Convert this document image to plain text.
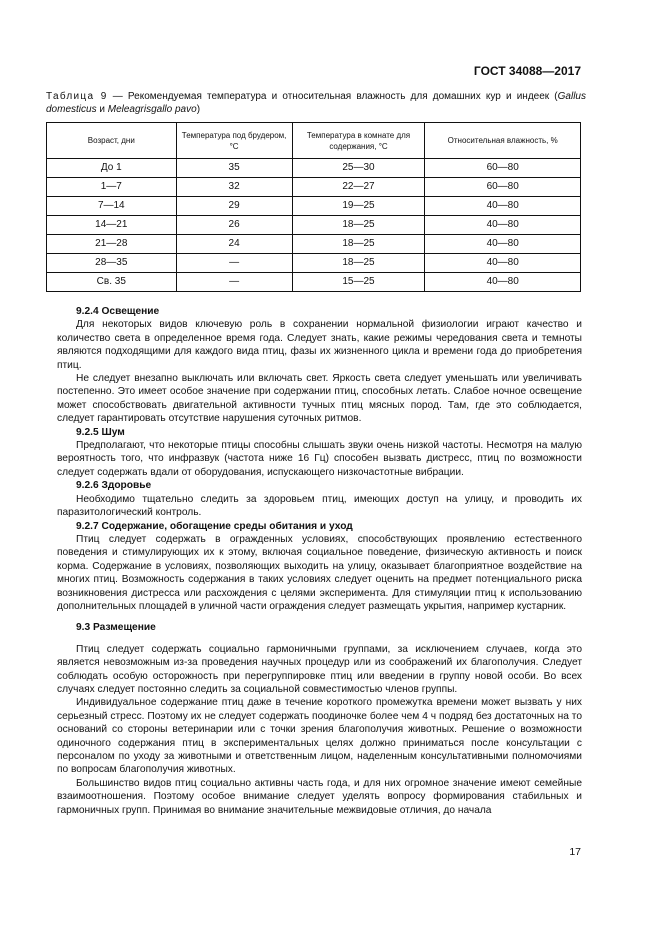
ГОСТ 34088—2017
Таблица 9 — Рекомендуемая температура и относительная влажность для домашних кур и индеек (Gallus domesticus и Meleagrisgallo pavo)
Возраст, дни	Температура под брудером, °С	Температура в комнате для содержания, °С	Относительная влажность, %
До 1	35	25—30	60—80
1—7	32	22—27	60—80
7—14	29	19—25	40—80
14—21	26	18—25	40—80
21—28	24	18—25	40—80
28—35	—	18—25	40—80
Св. 35	—	15—25	40—80
9.2.4 Освещение

Для некоторых видов ключевую роль в сохранении нормальной физиологии играют качество и количество света в определенное время года. Следует знать, какие режимы чередования света и темноты являются подходящими для каждого вида птиц, фазы их жизненного цикла и времени года до приобретения птиц.

Не следует внезапно выключать или включать свет. Яркость света следует уменьшать или увеличивать постепенно. Это имеет особое значение при содержании птиц, способных летать. Слабое ночное освещение может способствовать двигательной активности тучных птиц мясных пород. Там, где это соблюдается, следует гарантировать отсутствие нарушения суточных ритмов.

9.2.5 Шум

Предполагают, что некоторые птицы способны слышать звуки очень низкой частоты. Несмотря на малую вероятность того, что инфразвук (частота ниже 16 Гц) способен вызвать дистресс, птиц по возможности следует содержать вдали от оборудования, испускающего низкочастотные вибрации.

9.2.6 Здоровье

Необходимо тщательно следить за здоровьем птиц, имеющих доступ на улицу, и проводить их паразитологический контроль.

9.2.7 Содержание, обогащение среды обитания и уход

Птиц следует содержать в огражденных условиях, способствующих проявлению естественного поведения и стимулирующих их к этому, включая социальное поведение, физическую активность и поиск корма. Содержание в условиях, позволяющих выходить на улицу, оказывает благоприятное воздействие на многих птиц. Возможность содержания в таких условиях следует оценить на предмет потенциального риска возникновения дистресса или расхождения с целями эксперимента. Для стимуляции птиц к использованию дополнительных площадей в уличной части ограждения следует размещать укрытия, например кустарник.

9.3 Размещение

Птиц следует содержать социально гармоничными группами, за исключением случаев, когда это является невозможным из-за проведения научных процедур или из соображений их благополучия. Следует соблюдать особую осторожность при перегруппировке птиц или введении в группу новой особи. Во всех случаях следует постоянно следить за социальной совместимостью членов группы.

Индивидуальное содержание птиц даже в течение короткого промежутка времени может вызвать у них серьезный стресс. Поэтому их не следует содержать поодиночке более чем 4 ч подряд без достаточных на то оснований со стороны ветеринарии или с точки зрения благополучия животных. Решение о возможности одиночного содержания птиц в экспериментальных целях должно приниматься после консультации с персоналом по уходу за животными и ответственным лицом, наделенным консультативными полномочиями по вопросам благополучия животных.

Большинство видов птиц социально активны часть года, и для них огромное значение имеют семейные взаимоотношения. Поэтому особое внимание следует уделять вопросу формирования стабильных и гармоничных групп. Принимая во внимание значительные межвидовые отличия, до начала

17
